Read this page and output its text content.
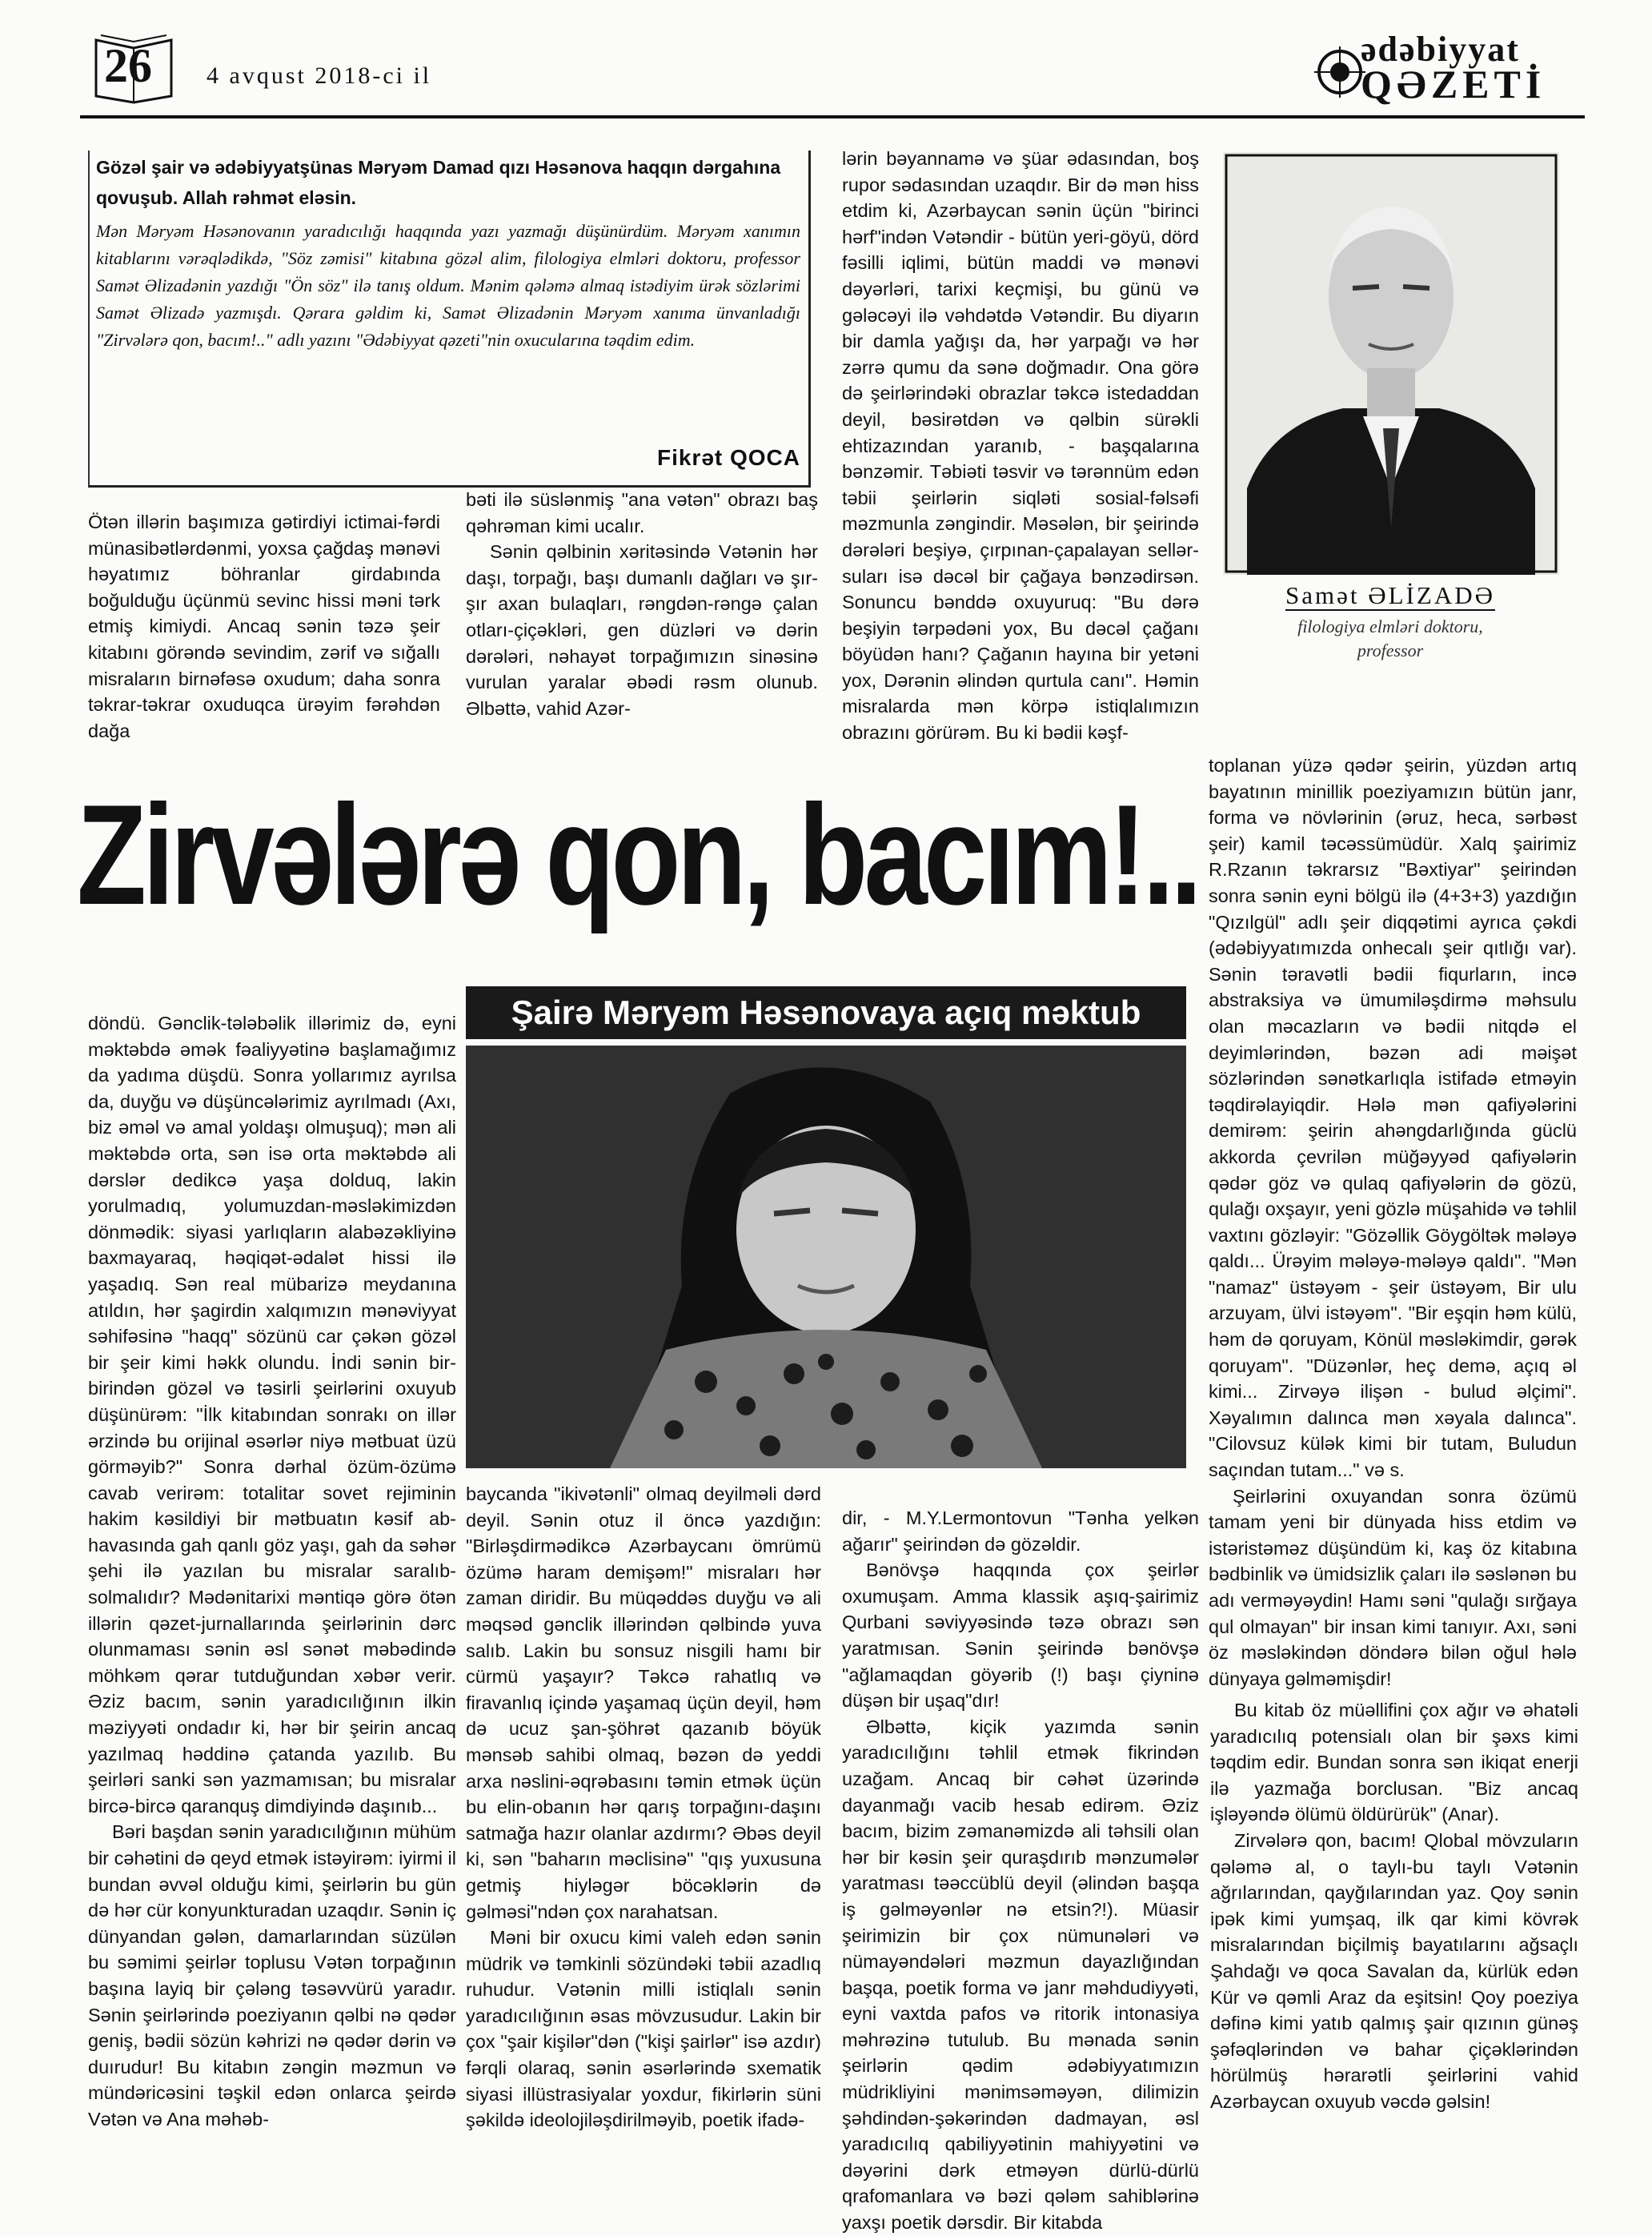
26	4 avqust 2018-ci il
ədəbiyyat
QƏZETİ
Gözəl şair və ədəbiyyatşünas Məryəm Damad qızı Həsənova haqqın dərgahına qovuşub. Allah rəhmət eləsin.
Mən Məryəm Həsənovanın yaradıcılığı haqqında yazı yazmağı düşünürdüm. Məryəm xanımın kitablarını vərəqlədikdə, "Söz zəmisi" kitabına gözəl alim, filologiya elmləri doktoru, professor Samət Əlizadənin yazdığı "Ön söz" ilə tanış oldum. Mənim qələmə almaq istədiyim ürək sözlərimi Samət Əlizadə yazmışdı. Qərara gəldim ki, Samət Əlizadənin Məryəm xanıma ünvanladığı "Zirvələrə qon, bacım!.." adlı yazını "Ədəbiyyat qəzeti"nin oxucularına təqdim edim.
Fikrət QOCA
Samət ƏLİZADƏ
filologiya elmləri doktoru,
professor

Ötən illərin başımıza gətirdiyi ictimai-fərdi münasibətlərdənmi, yoxsa çağdaş mənəvi həyatımız böhranlar girdabında boğulduğu üçünmü sevinc hissi məni tərk etmiş kimiydi. Ancaq sənin təzə şeir kitabını görəndə sevindim, zərif və sığallı misraların birnəfəsə oxudum; daha sonra təkrar-təkrar oxuduqca ürəyim fərəhdən dağa

bəti ilə süslənmiş "ana vətən" obrazı baş qəhrəman kimi ucalır.

Sənin qəlbinin xəritəsində Vətənin hər daşı, torpağı, başı dumanlı dağları və şır-şır axan bulaqları, rəngdən-rəngə çalan otları-çiçəkləri, gen düzləri və dərin dərələri, nəhayət torpağımızın sinəsinə vurulan yaralar əbədi rəsm olunub. Əlbəttə, vahid Azər-

lərin bəyannamə və şüar ədasından, boş rupor sədasından uzaqdır. Bir də mən hiss etdim ki, Azərbaycan sənin üçün "birinci hərf"indən Vətəndir - bütün yeri-göyü, dörd fəsilli iqlimi, bütün maddi və mənəvi dəyərləri, tarixi keçmişi, bu günü və gələcəyi ilə vəhdətdə Vətəndir. Bu diyarın bir damla yağışı da, hər yarpağı və hər zərrə qumu da sənə doğmadır. Ona görə də şeirlərindəki obrazlar təkcə istedaddan deyil, bəsirətdən və qəlbin sürəkli ehtizazından yaranıb, - başqalarına bənzəmir. Təbiəti təsvir və tərənnüm edən təbii şeirlərin siqləti sosial-fəlsəfi məzmunla zəngindir. Məsələn, bir şeirində dərələri beşiyə, çırpınan-çapalayan sellər-suları isə dəcəl bir çağaya bənzədirsən. Sonuncu bənddə oxuyuruq: "Bu dərə beşiyin tərpədəni yox, Bu dəcəl çağanı böyüdən hanı? Çağanın hayına bir yetəni yox, Dərənin əlindən qurtula canı". Həmin misralarda mən körpə istiqlalımızın obrazını görürəm. Bu ki bədii kəşf-

Zirvələrə qon, bacım!..

toplanan yüzə qədər şeirin, yüzdən artıq bayatının minillik poeziyamızın bütün janr, forma və növlərinin (əruz, heca, sərbəst şeir) kamil təcəssümüdür. Xalq şairimiz R.Rzanın təkrarsız "Bəxtiyar" şeirindən sonra sənin eyni bölgü ilə (4+3+3) yazdığın "Qızılgül" adlı şeir diqqətimi ayrıca çəkdi (ədəbiyyatımızda onhecalı şeir qıtlığı var). Sənin təravətli bədii fiqurların, incə abstraksiya və ümumiləşdirmə məhsulu olan məcazların və bədii nitqdə el deyimlərindən, bəzən adi məişət sözlərindən sənətkarlıqla istifadə etməyin təqdirəlayiqdir. Hələ mən qafiyələrini demirəm: şeirin ahəngdarlığında güclü akkorda çevrilən müğəyyəd qafiyələrin qədər göz və qulaq qafiyələrin də gözü, qulağı oxşayır, yeni gözlə müşahidə və təhlil vaxtını gözləyir: "Gözəllik Göygöltək mələyə qaldı... Ürəyim mələyə-mələyə qaldı". "Mən "namaz" üstəyəm - şeir üstəyəm, Bir ulu arzuyam, ülvi istəyəm". "Bir eşqin həm külü, həm də qoruyam, Könül məsləkimdir, gərək qoruyam". "Düzənlər, heç demə, açıq əl kimi... Zirvəyə ilişən - bulud əlçimi". Xəyalımın dalınca mən xəyala dalınca". "Cilovsuz külək kimi bir tutam, Buludun saçından tutam..." və s.

Şeirlərini oxuyandan sonra özümü tamam yeni bir dünyada hiss etdim və istəristəməz düşündüm ki, kaş öz kitabına bədbinlik və ümidsizlik çaları ilə səslənən bu adı verməyəydin! Hamı səni "qulağı sırğaya qul olmayan" bir insan kimi tanıyır. Axı, səni öz məsləkindən döndərə bilən oğul hələ dünyaya gəlməmişdir!

Şairə Məryəm Həsənovaya açıq məktub

döndü. Gənclik-tələbəlik illərimiz də, eyni məktəbdə əmək fəaliyyətinə başlamağımız da yadıma düşdü. Sonra yollarımız ayrılsa da, duyğu və düşüncələrimiz ayrılmadı (Axı, biz əməl və amal yoldaşı olmuşuq); mən ali məktəbdə orta, sən isə orta məktəbdə ali dərslər dedikcə yaşa dolduq, lakin yorulmadıq, yolumuzdan-məsləkimizdən dönmədik: siyasi yarlıqların alabəzəkliyinə baxmayaraq, həqiqət-ədalət hissi ilə yaşadıq. Sən real mübarizə meydanına atıldın, hər şagirdin xalqımızın mənəviyyat səhifəsinə "haqq" sözünü car çəkən gözəl bir şeir kimi həkk olundu. İndi sənin bir-birindən gözəl və təsirli şeirlərini oxuyub düşünürəm: "İlk kitabından sonrakı on illər ərzində bu orijinal əsərlər niyə mətbuat üzü görməyib?" Sonra dərhal özüm-özümə cavab verirəm: totalitar sovet rejiminin hakim kəsildiyi bir mətbuatın kəsif ab-havasında gah qanlı göz yaşı, gah da səhər şehi ilə yazılan bu misralar saralıb-solmalıdır? Mədənitarixi məntiqə görə ötən illərin qəzet-jurnallarında şeirlərinin dərc olunmaması sənin əsl sənət məbədində möhkəm qərar tutduğundan xəbər verir. Əziz bacım, sənin yaradıcılığının ilkin məziyyəti ondadır ki, hər bir şeirin ancaq yazılmaq həddinə çatanda yazılıb. Bu şeirləri sanki sən yazmamısan; bu misralar bircə-bircə qaranquş dimdiyində daşınıb...

Bəri başdan sənin yaradıcılığının mühüm bir cəhətini də qeyd etmək istəyirəm: iyirmi il bundan əvvəl olduğu kimi, şeirlərin bu gün də hər cür konyunkturadan uzaqdır. Sənin iç dünyandan gələn, damarlarından süzülən bu səmimi şeirlər toplusu Vətən torpağının başına layiq bir çələng təsəvvürü yaradır. Sənin şeirlərində poeziyanın qəlbi nə qədər geniş, bədii sözün kəhrizi nə qədər dərin və duırudur! Bu kitabın zəngin məzmun və mündəricəsini təşkil edən onlarca şeirdə Vətən və Ana məhəb-

baycanda "ikivətənli" olmaq deyilməli dərd deyil. Sənin otuz il öncə yazdığın: "Birləşdirmədikcə Azərbaycanı ömrümü özümə haram demişəm!" misraları hər zaman diridir. Bu müqəddəs duyğu və ali məqsəd gənclik illərindən qəlbində yuva salıb. Lakin bu sonsuz nisgili hamı bir cürmü yaşayır? Təkcə rahatlıq və firavanlıq içində yaşamaq üçün deyil, həm də ucuz şan-şöhrət qazanıb böyük mənsəb sahibi olmaq, bəzən də yeddi arxa nəslini-əqrəbasını təmin etmək üçün bu elin-obanın hər qarış torpağını-daşını satmağa hazır olanlar azdırmı? Əbəs deyil ki, sən "baharın məclisinə" "qış yuxusuna getmiş hiyləgər böcəklərin də gəlməsi"ndən çox narahatsan.

Məni bir oxucu kimi valeh edən sənin müdrik və təmkinli sözündəki təbii azadlıq ruhudur. Vətənin milli istiqlalı sənin yaradıcılığının əsas mövzusudur. Lakin bir çox "şair kişilər"dən ("kişi şairlər" isə azdır) fərqli olaraq, sənin əsərlərində sxematik siyasi illüstrasiyalar yoxdur, fikirlərin süni şəkildə ideolojiləşdirilməyib, poetik ifadə-

dir, - M.Y.Lermontovun "Tənha yelkən ağarır" şeirindən də gözəldir.

Bənövşə haqqında çox şeirlər oxumuşam. Amma klassik aşıq-şairimiz Qurbani səviyyəsində təzə obrazı sən yaratmısan. Sənin şeirində bənövşə "ağlamaqdan göyərib (!) başı çiyninə düşən bir uşaq"dır!

Əlbəttə, kiçik yazımda sənin yaradıcılığını təhlil etmək fikrindən uzağam. Ancaq bir cəhət üzərində dayanmağı vacib hesab edirəm. Əziz bacım, bizim zəmanəmizdə ali təhsili olan hər bir kəsin şeir quraşdırıb mənzumələr yaratması təəccüblü deyil (əlindən başqa iş gəlməyənlər nə etsin?!). Müasir şeirimizin bir çox nümunələri və nümayəndələri məzmun dayazlığından başqa, poetik forma və janr məhdudiyyəti, eyni vaxtda pafos və ritorik intonasiya məhrəzinə tutulub. Bu mənada sənin şeirlərin qədim ədəbiyyatımızın müdrikliyini mənimsəməyən, dilimizin şəhdindən-şəkərindən dadmayan, əsl yaradıcılıq qabiliyyətinin mahiyyətini və dəyərini dərk etməyən dürlü-dürlü qrafomanlara və bəzi qələm sahiblərinə yaxşı poetik dərsdir. Bir kitabda

Bu kitab öz müəllifini çox ağır və əhatəli yaradıcılıq potensialı olan bir şəxs kimi təqdim edir. Bundan sonra sən ikiqat enerji ilə yazmağa borclusan. "Biz ancaq işləyəndə ölümü öldürürük" (Anar).

Zirvələrə qon, bacım! Qlobal mövzuların qələmə al, o taylı-bu taylı Vətənin ağrılarından, qayğılarından yaz. Qoy sənin ipək kimi yumşaq, ilk qar kimi kövrək misralarından biçilmiş bayatılarını ağsaçlı Şahdağı və qoca Savalan da, kürlük edən Kür və qəmli Araz da eşitsin! Qoy poeziya dəfinə kimi yatıb qalmış şair qızının günəş şəfəqlərindən və bahar çiçəklərindən hörülmüş hərarətli şeirlərini vahid Azərbaycan oxuyub vəcdə gəlsin!
